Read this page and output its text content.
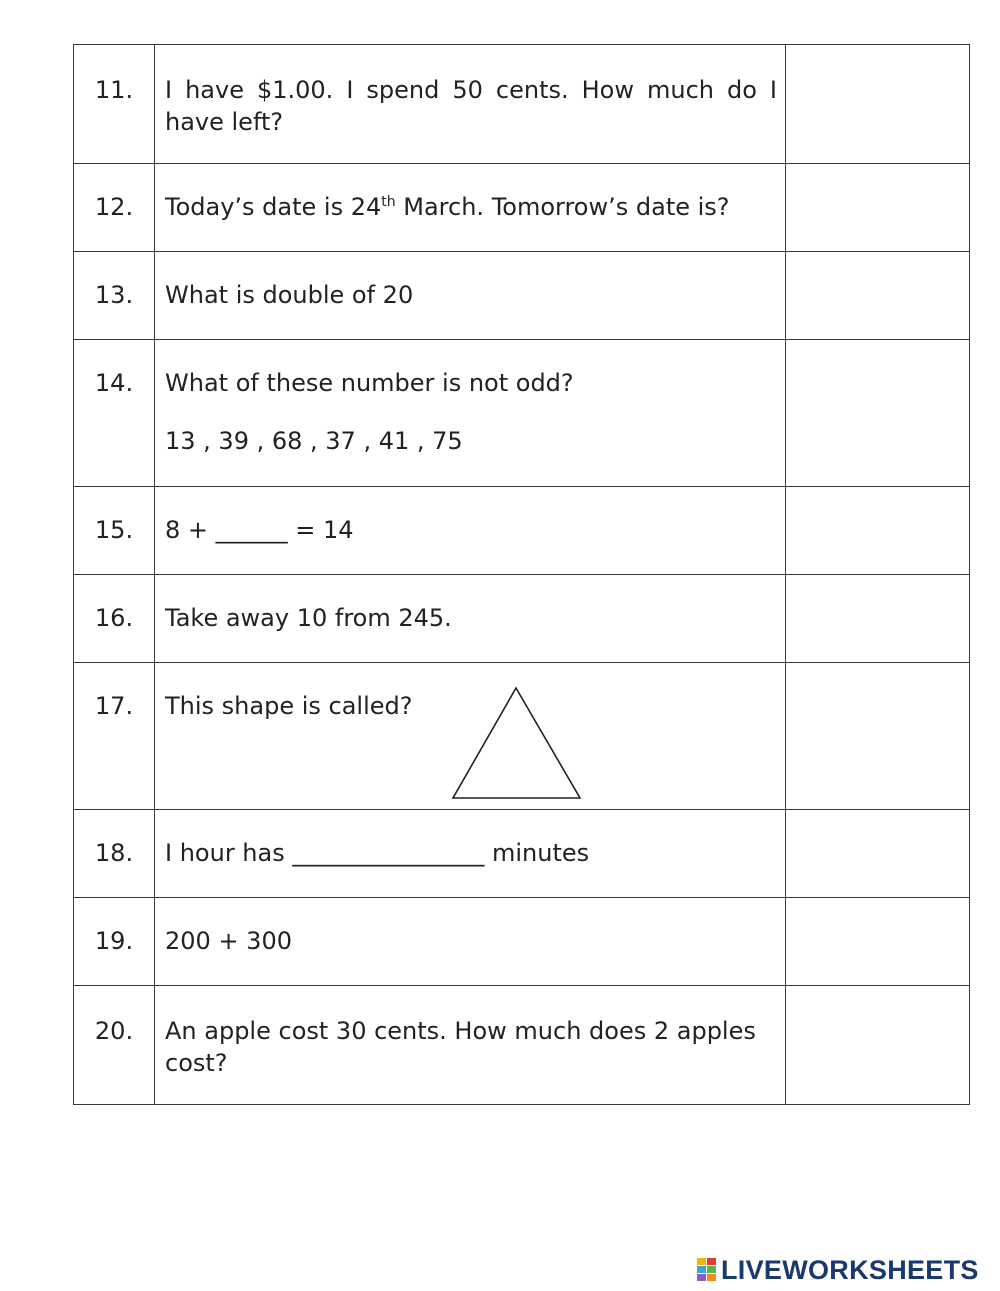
11.	I have $1.00. I spend 50 cents. How much do I have left?	

12.	Today’s date is 24th March. Tomorrow’s date is?	

13.	What is double of 20	

14.	What of these number is not odd?
13 , 39 , 68 , 37 , 41 , 75	

15.	8 + ______ = 14	

16.	Take away 10 from 245.	

17.	This shape is called?	

18.	I hour has ________________ minutes	

19.	200 + 300	

20.	An apple cost 30 cents. How much does 2 apples cost?	

LIVEWORKSHEETS
